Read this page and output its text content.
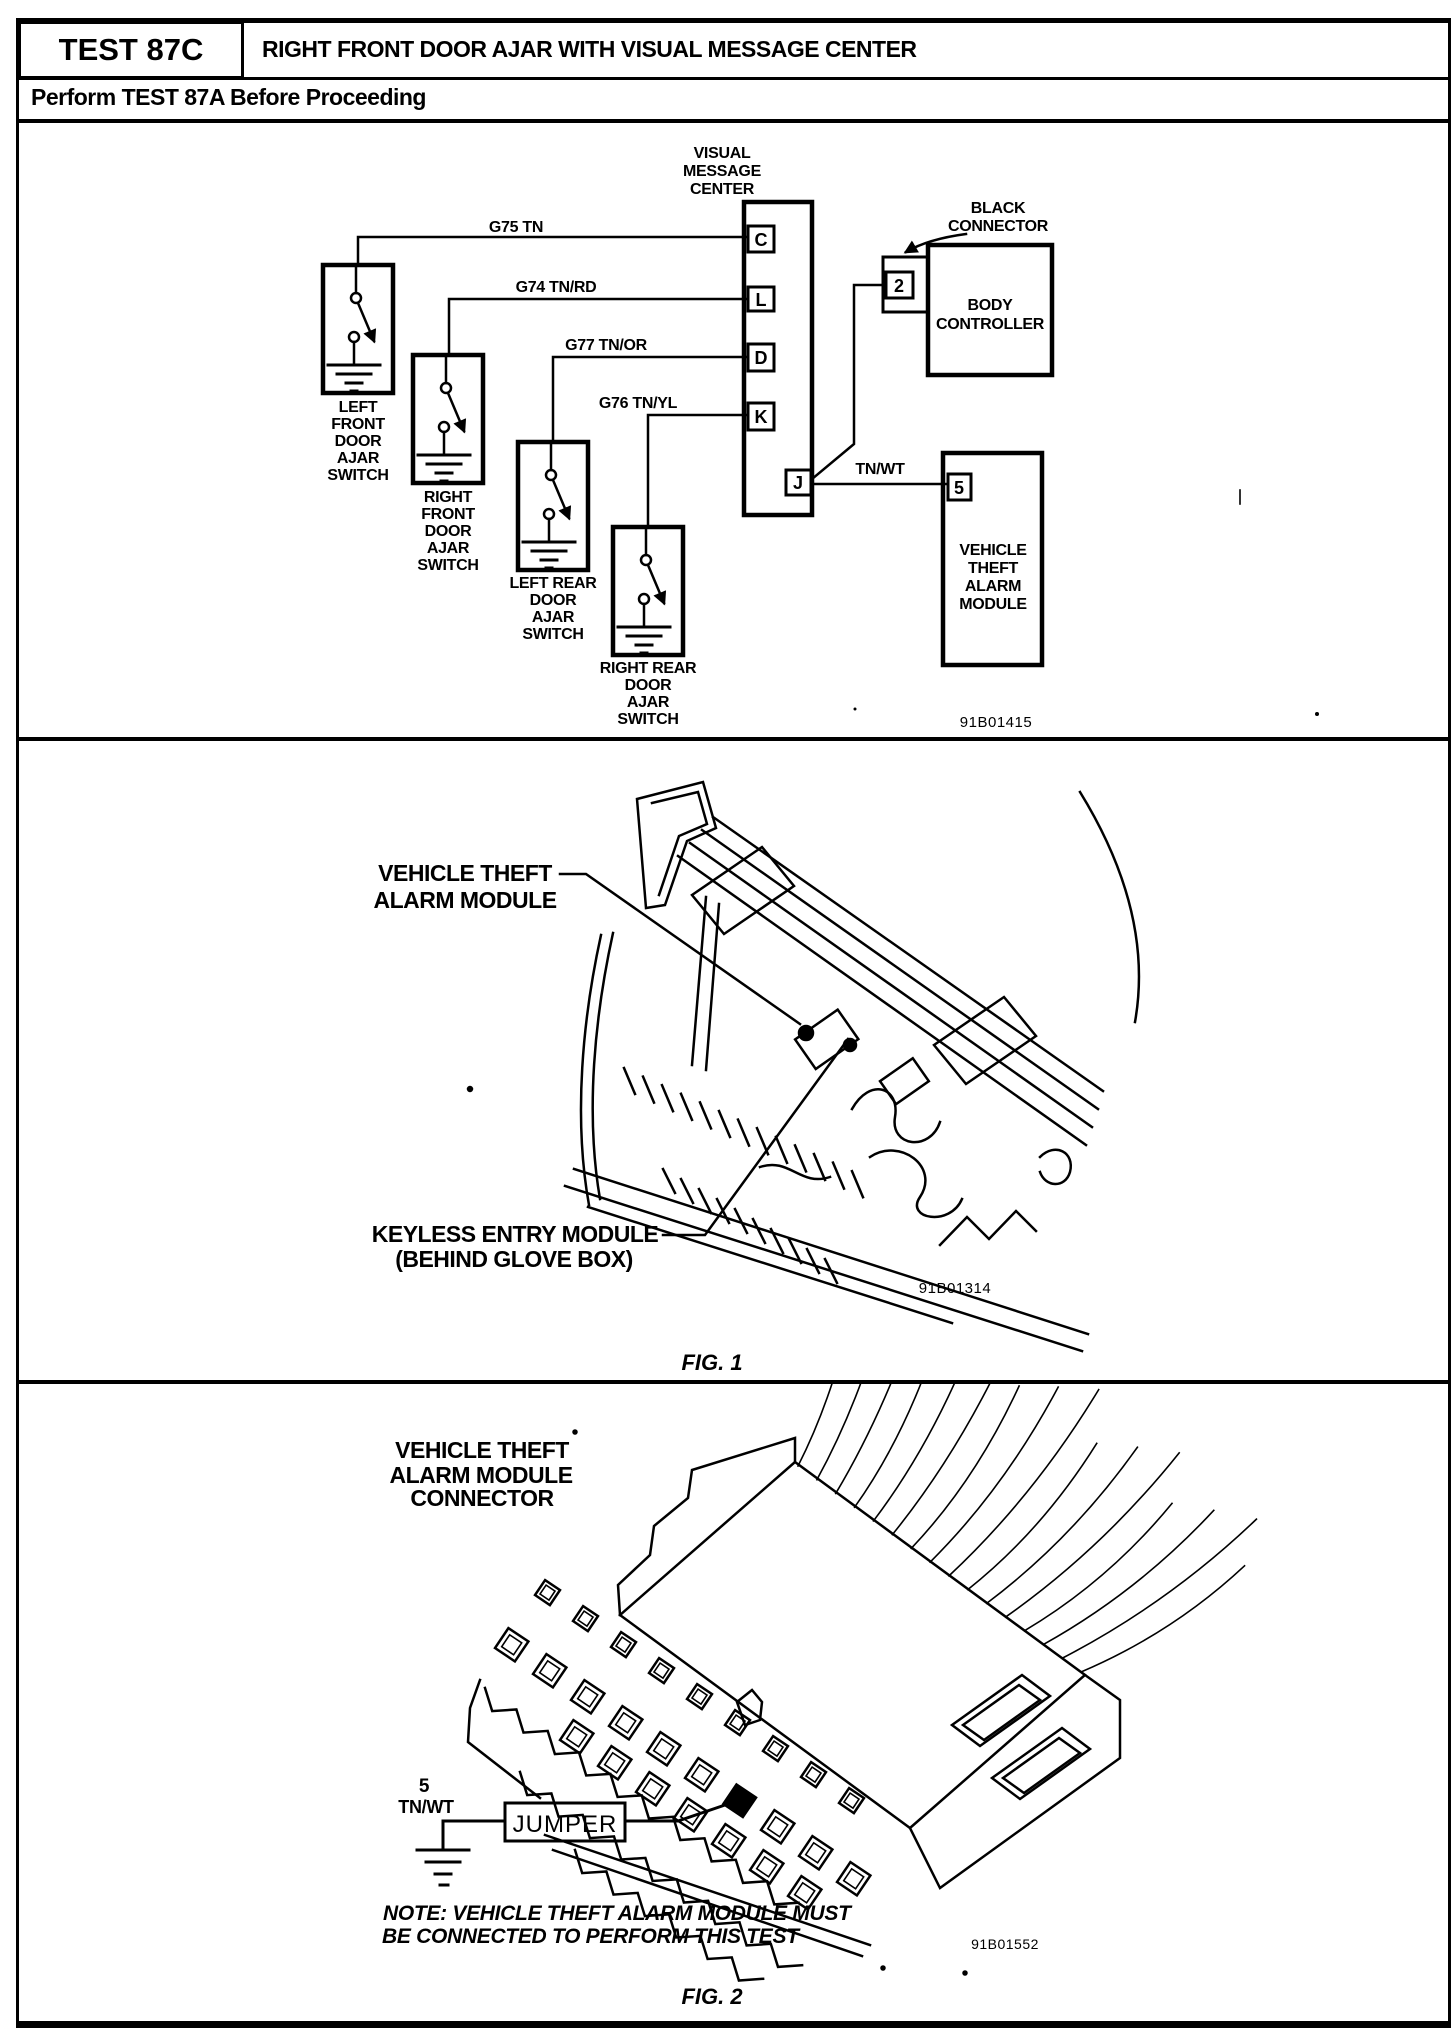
TEST 87C	RIGHT FRONT DOOR AJAR WITH VISUAL MESSAGE CENTER
Perform TEST 87A Before Proceeding
G75 TN
G74 TN/RD
G77 TN/OR
G76 TN/YL
TN/WT
VISUAL
MESSAGE
CENTER
C
L
D
K
J
BLACK
CONNECTOR
2
BODY
CONTROLLER
5
VEHICLE
THEFT
ALARM
MODULE
LEFT
FRONT
DOOR
AJAR
SWITCH
RIGHT
FRONT
DOOR
AJAR
SWITCH
LEFT REAR
DOOR
AJAR
SWITCH
RIGHT REAR
DOOR
AJAR
SWITCH	91B01415
VEHICLE THEFT
ALARM MODULE
KEYLESS ENTRY MODULE
(BEHIND GLOVE BOX)
91B01314
FIG. 1
VEHICLE THEFT
ALARM MODULE
CONNECTOR
5
TN/WT
JUMPER
NOTE: VEHICLE THEFT ALARM MODULE MUST
BE CONNECTED TO PERFORM THIS TEST	91B01552
FIG. 2
